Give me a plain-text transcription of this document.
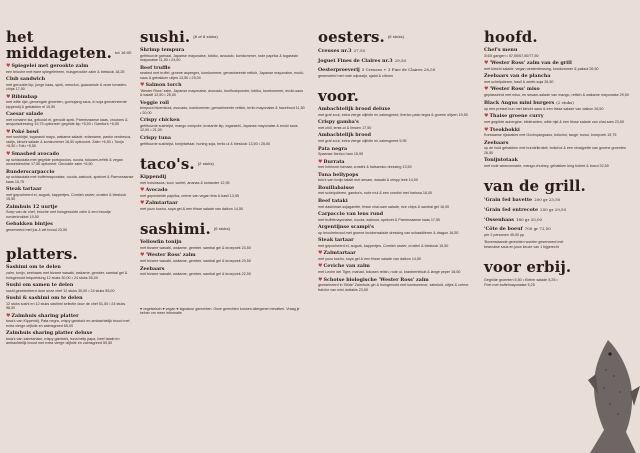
het middageten. $^{tot 16:00}$
♥Spiegelei met gerookte zalm
een brioche met twee spiegeleieren, huisgerookte zalm & bieslook 18,25
Club sandwich
met gerookte kip, jonge kaas, spek, mesclun, guacamole & onze tomaten-chips 17,50
♥Bibimbap
met witte rijst, gemengde groenten, gochujang saus, in soja gemarineerde kippendij & gebakken ei 15,50
Caesar salade
met romaine sla, gekookt ei, gerookt spek, Parmezaanse kaas, croutons & ansjovisdressing 19,75 optioneel: gegrilde kip +5,50 • Gamba's +6,50
♥Poké bowl
met sushirijst, togarashi mayo, wakame salade, edamame, panko ventresca, radijs, kimchi salade & komkommer 16,50 optioneel: Zalm +6,50 • Tonijn +6,50 • Tofu +5,50
♥Smashed avocado
op schiacciata met gegrilde portopoulos, rucola, tokusen-erfelk & vegan worcestershire 17,50 optioneel: Gerookte zalm +6,50
Runderscarpaccio
op schiacciata met truffelmayonaise, rucola, walnoot, spekvet & Parmezaanse kaas 15,75
Steak tartaar
met gepocheerd ei, augurk, kappertjes, Cornish cavier, crostini & bieslook 15,50
Zalmhuis 12 uurtje
Soep van de chef, brioche met huisgerookte zalm & een broodje runderkrokket 19,50
Gebakken bintjes
geserveerd met jus & wit brood 23,50
platters.
Sashimi om te delen
zalm, tonijn, zeebaars met bizarre wasabi, wakame, gember, sambal gel & huisgerookt briquetdung 12 stuks 30,00 • 24 stuks 55,00
Sushi om samen te delen
sushi geselecteerd door onze chef 12 stuks 30,00 • 24 stuks 55,00
Sushi & sashimi om te delen
12 stuks sushi en 12 stuks sashimi selectie door de chef 51,00 • 24 stuks 98,00
♥Zalmhuis sharing platter
tosa's van Kippendij, Pata negra, crispy gamba's en ambachtelijk brood met extra vierge olijfolie en zalmsgreed 65,00
Zalmhuis sharing platter deluxe
tosa's van zalmtartaar, crispy gamba's, tuna belly papa, beef tataki en ambachtelijk brood met extra vierge olijfolie en zalmsgreed 59,50
sushi. $^{(8 of 8 stuks)}$
Shrimp tempura
gefrituurde garnaal, Japanse mayonaise, tobiko, avocado, komkommer, rode paprika & togarashi mayonaise 11,50 • 24,00
Beef truffle
seabed met truffel, groene asperges, komkommer, gemarineerde rettich, Japanse mayonaise, enoki-saus & gebakken uitjes 13,50 • 25,00
♥Salmon torch
'Wester Ross' zalm, Japanse mayonaise, avocado, knoflookpoeder, tobiko, komkommer, enoki-saus & kataifi 12,50 • 25,00
Veggie roll
tempura bloemkool, avocado, komkommer, gemarineerde rettich, teriio mayonaise & hazelnoot 11,50 • 20,00
Crispy chicken
gefrituurde sushirijst, mango compote, krokante kip, togarashi, Japanse mayonaise & enoki saus 12,00 • 21,00
Crispy tuna
gefrituurde sushirijst, tonijntartaar, honing soja, teriio-ui & bieslook 13,50 • 25,00
taco's. $^{(2 stuks)}$
Kippendij
met hoisinsaus, kool, wortel, ananas & koriander 12,95
♥Avocado
met gepeckelde paprika, crème van vegan feta & basil 13,95
♥Zalmtartaar
met yuzu koshu, soya gel & een frisse salade van daikon 14,50
sashimi. $^{(6 stuks)}$
Yellowfin tonijn
met bizarre wasabi, wakame, gember, sambal gel & kroepoek 23,50
♥'Wester Ross' zalm
met bizarre wasabi, wakame, gember, sambal gel & kroepoek 20,50
Zeebaars
met bizarre wasabi, wakame, gember, sambal gel & kroepoek 22,50
♥ vegetarisch ♥ vegan ♥ signatuur gerechten. Onze gerechten kunnen allergenen bevatten. Vraag je kelner om meer informatie
oesters. $^{(6 stuks)}$
Creuses nr.3 27,50
Joguet Fines de Claires nr.3 29,50
Oesterproeverij 3 Creuses + 3 Fine de Claires 28,50
geserveerd met rode wijnazijn, sjalot & citroen
voor.
Ambachtelijk brood deluxe
met graf zout, extra vierge olijfolie en zalmsgreed, Iberico pata negra & groene olijven 19,50
Crispy gamba's
met chili, lente-ui & limoen 17,50
Ambachtelijk brood
met graf zout, extra vierge olijfolie en zalmsgreed 9,95
Pata negra
Spaanse Iberico ham 15,95
♥Burrata
met heirloom tomaat, crostini & balsamico dressing 13,50
Tuna bellypops
tulo's van tonijn tataki met sesam, wasabi & crispy leek 14,00
Bouillabaisse
met schelpdieren, gamba's, rode mul & een crostini met harissa 18,00
Beef tataki
met dashimari-sojagarelle, frisse chai-sam salade, rice chips & sambal gel 16,00
Carpaccio van lens rund
met truffelmayonaise, rucola, walnoot, spekvet & Parmezaanse kaas 17,50
Argentijnse scampi's
op briochebrood met groene kruidensalade dressing van schaaldieren & dragon 16,50
Steak tartaar
met gepocheerd ei, augurk, kappertjes, Cornish cavier, crostini & bieslook 15,50
♥Zalmtartaar
met yuzu koshu, soya gel & een frisse salade van daikon 14,50
♥Ceviche van zalm
met Leche del Tigre, mahad, tokusen relish, rode ui, kranberriekuit & lange peper 16,50
♥Schotse biologische 'Wester Ross' zalm
gemarineerd in 'Bride' Zalmhuis gin & huisgerookt met komkommer, zalmkuit, uitjes & crème fraîche van mini dottakis 23,50
hoofd.
Chef's menu
3/4/5 gangen • 57,50/67,50/77,50
♥'Wester Ross' zalm van de grill
met kimchi salade, vegan oesterdressing, komkommer & paksoi 26,50
Zeebaars van de plancha
met schelpdieren, basil & zeefe-soja 26,50
♥'Wester Ross' miso
geplasseerd met miso, en sesam-salade van mango, rettich & wakame mayonaise 29,50
Black Angus mini burgers (2 stuks)
op een pretzel bun met kimchi saus & een frisse salade van daikon 26,50
♥Thaise groene curry
met gegrilde aubergine, bilderanten, witte rijst & een frisse salade van chai-sam 23,50
♥Tteokbokki
Koreaanse rijstcakes met Gochujangsaus, bokchoi, taugé, bosui, kroepoek 19,75
Zeebaars
op de huid gebakken met bundelkroket, bokchoi & een vinaigrette van groene groenten 26,50
Tonijntotaak
met rode wineconnarle, mango chutney, gebakken king boleet & bosui 32,50
van de grill.
'Grain fed bavette 200 gr 23,50
'Grain fed entrecote 250 gr 29,50
'Ossenhaas 180 gr 35,00
'Côte de boeuf 700 gr 72,50
per 2 personen 45,00 pp
'Bovenstaande gerechten worden geserveerd met bearnaise saus en jouw keuze van 1 bijgerecht
voor erbij.
Gegrilde groenten 5,50 • Kleine salade 5,25 • Friet met truffelmayonaise 5,25
